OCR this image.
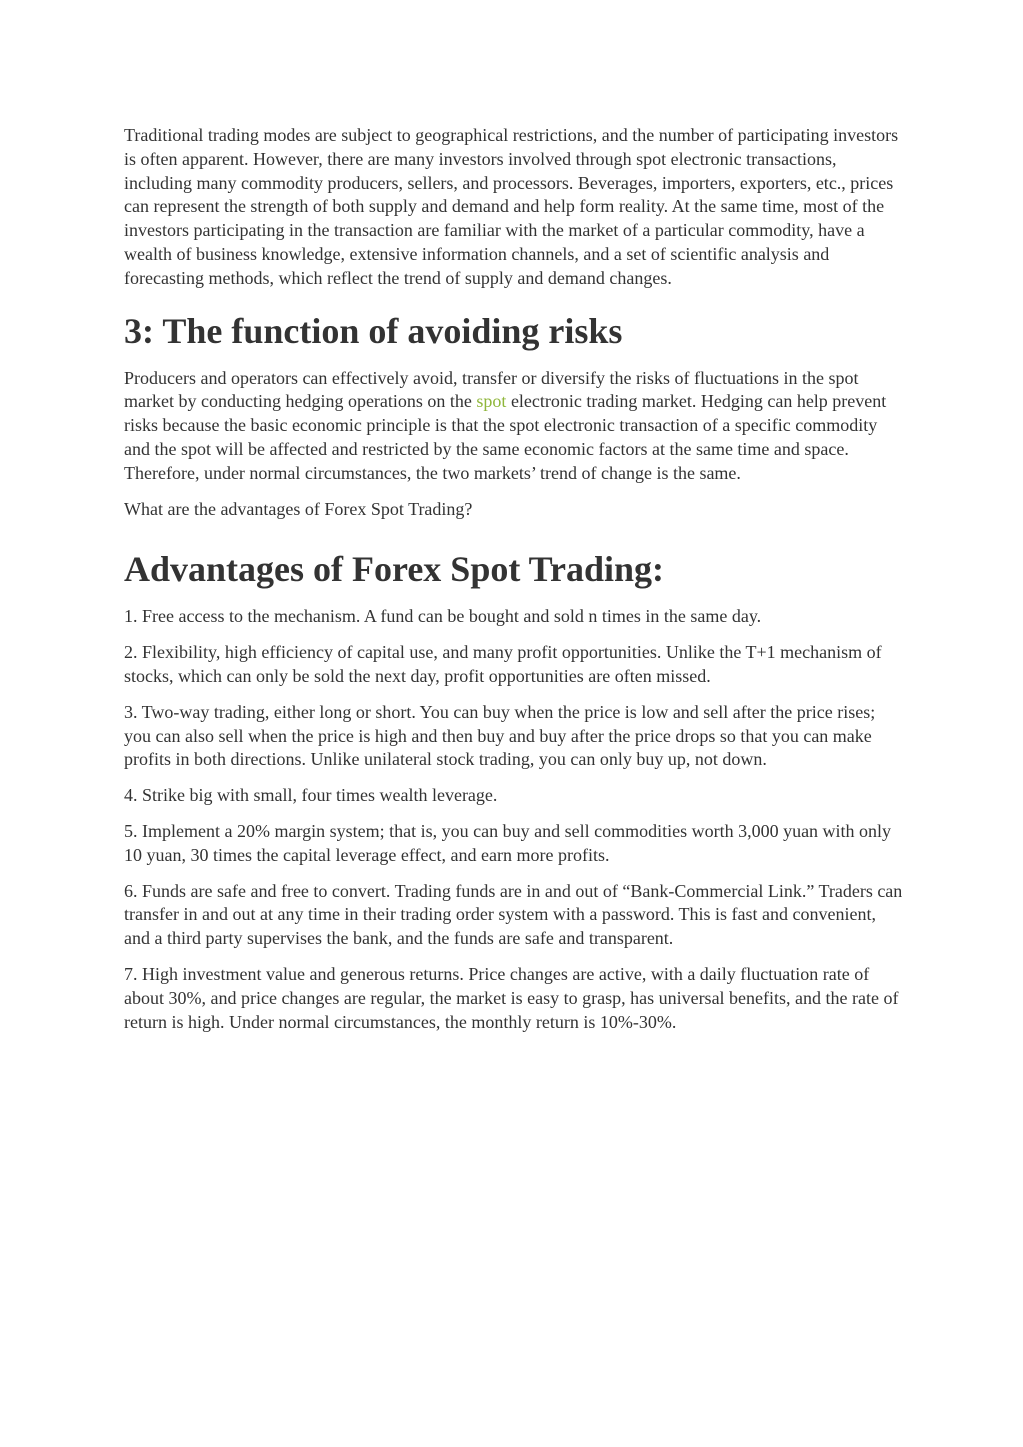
Traditional trading modes are subject to geographical restrictions, and the number of participating investors is often apparent. However, there are many investors involved through spot electronic transactions, including many commodity producers, sellers, and processors. Beverages, importers, exporters, etc., prices can represent the strength of both supply and demand and help form reality. At the same time, most of the investors participating in the transaction are familiar with the market of a particular commodity, have a wealth of business knowledge, extensive information channels, and a set of scientific analysis and forecasting methods, which reflect the trend of supply and demand changes.

3: The function of avoiding risks

Producers and operators can effectively avoid, transfer or diversify the risks of fluctuations in the spot market by conducting hedging operations on the spot electronic trading market. Hedging can help prevent risks because the basic economic principle is that the spot electronic transaction of a specific commodity and the spot will be affected and restricted by the same economic factors at the same time and space. Therefore, under normal circumstances, the two markets’ trend of change is the same.

What are the advantages of Forex Spot Trading?

Advantages of Forex Spot Trading:
1. Free access to the mechanism. A fund can be bought and sold n times in the same day.
2. Flexibility, high efficiency of capital use, and many profit opportunities. Unlike the T+1 mechanism of stocks, which can only be sold the next day, profit opportunities are often missed.
3. Two-way trading, either long or short. You can buy when the price is low and sell after the price rises; you can also sell when the price is high and then buy and buy after the price drops so that you can make profits in both directions. Unlike unilateral stock trading, you can only buy up, not down.
4. Strike big with small, four times wealth leverage.
5. Implement a 20% margin system; that is, you can buy and sell commodities worth 3,000 yuan with only 10 yuan, 30 times the capital leverage effect, and earn more profits.
6. Funds are safe and free to convert. Trading funds are in and out of “Bank-Commercial Link.” Traders can transfer in and out at any time in their trading order system with a password. This is fast and convenient, and a third party supervises the bank, and the funds are safe and transparent.
7. High investment value and generous returns. Price changes are active, with a daily fluctuation rate of about 30%, and price changes are regular, the market is easy to grasp, has universal benefits, and the rate of return is high. Under normal circumstances, the monthly return is 10%-30%.
